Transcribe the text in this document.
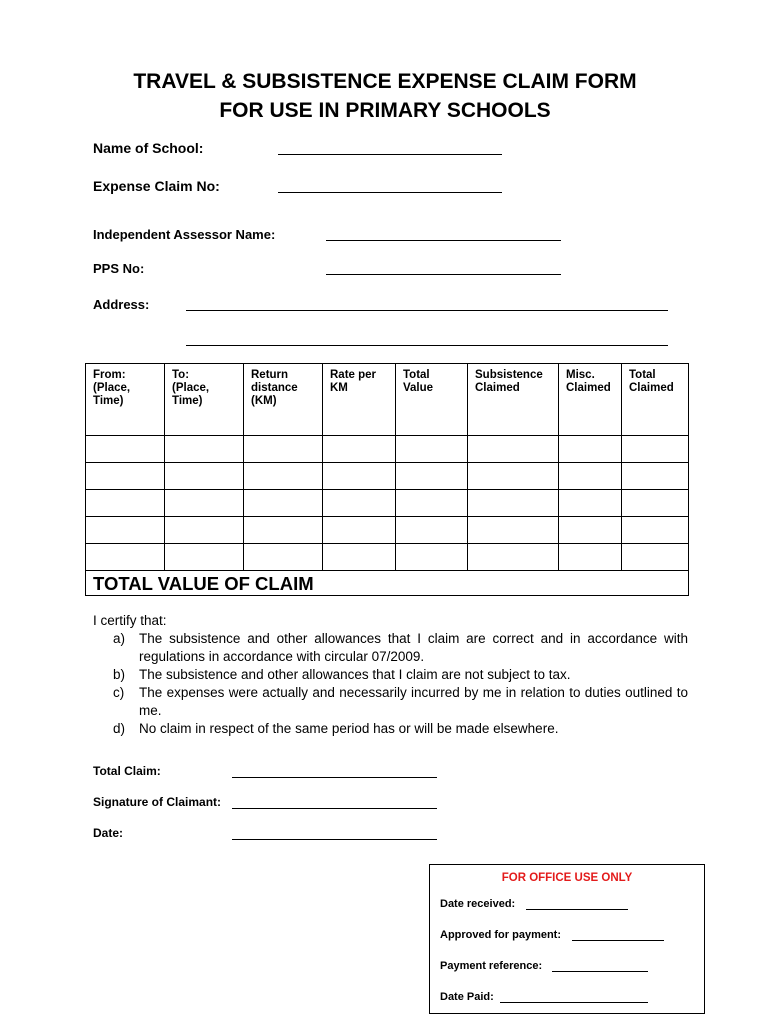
TRAVEL & SUBSISTENCE EXPENSE CLAIM FORM
FOR USE IN PRIMARY SCHOOLS
Name of School:
Expense Claim No:
Independent Assessor Name:
PPS No:
Address:
From:
(Place,
Time)	To:
(Place,
Time)	Return
distance
(KM)	Rate per
KM	Total
Value	Subsistence
Claimed	Misc.
Claimed	Total
Claimed

TOTAL VALUE OF CLAIM							
I certify that:
a) The subsistence and other allowances that I claim are correct and in accordance with regulations in accordance with circular 07/2009.
b) The subsistence and other allowances that I claim are not subject to tax.
c) The expenses were actually and necessarily incurred by me in relation to duties outlined to me.
d) No claim in respect of the same period has or will be made elsewhere.
Total Claim:
Signature of Claimant:
Date:
FOR OFFICE USE ONLY
Date received:
Approved for payment:
Payment reference:
Date Paid:
